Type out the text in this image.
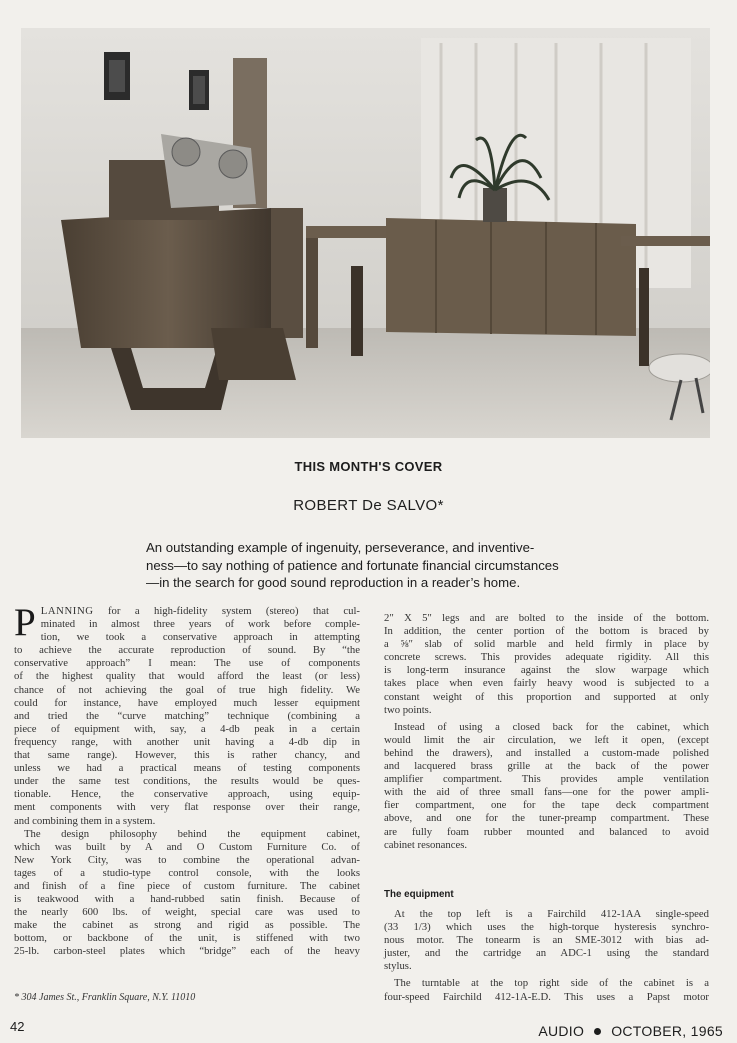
THIS MONTH'S COVER
ROBERT De SALVO*
An outstanding example of ingenuity, perseverance, and inventive-
ness—to say nothing of patience and fortunate financial circumstances
—in the search for good sound reproduction in a reader’s home.
P LANNING for a high-fidelity system (stereo) that cul-
minated in almost three years of work before comple-
tion, we took a conservative approach in attempting
to achieve the accurate reproduction of sound. By “the
conservative approach” I mean: The use of components
of the highest quality that would afford the least (or less)
chance of not achieving the goal of true high fidelity. We
could for instance, have employed much lesser equipment
and tried the “curve matching” technique (combining a
piece of equipment with, say, a 4-db peak in a certain
frequency range, with another unit having a 4-db dip in
that same range). However, this is rather chancy, and
unless we had a practical means of testing components
under the same test conditions, the results would be ques-
tionable. Hence, the conservative approach, using equip-
ment components with very flat response over their range,
and combining them in a system.
The design philosophy behind the equipment cabinet,
which was built by A and O Custom Furniture Co. of
New York City, was to combine the operational advan-
tages of a studio-type control console, with the looks
and finish of a fine piece of custom furniture. The cabinet
is teakwood with a hand-rubbed satin finish. Because of
the nearly 600 lbs. of weight, special care was used to
make the cabinet as strong and rigid as possible. The
bottom, or backbone of the unit, is stiffened with two
25-lb. carbon-steel plates which “bridge” each of the heavy
* 304 James St., Franklin Square, N.Y. 11010
2″ X 5″ legs and are bolted to the inside of the bottom.
In addition, the center portion of the bottom is braced by
a ⅝″ slab of solid marble and held firmly in place by
concrete screws. This provides adequate rigidity. All this
is long-term insurance against the slow warpage which
takes place when even fairly heavy wood is subjected to a
constant weight of this proportion and supported at only
two points.
Instead of using a closed back for the cabinet, which
would limit the air circulation, we left it open, (except
behind the drawers), and installed a custom-made polished
and lacquered brass grille at the back of the power
amplifier compartment. This provides ample ventilation
with the aid of three small fans—one for the power ampli-
fier compartment, one for the tape deck compartment
above, and one for the tuner-preamp compartment. These
are fully foam rubber mounted and balanced to avoid
cabinet resonances.
The equipment
At the top left is a Fairchild 412-1AA single-speed
(33 1/3) which uses the high-torque hysteresis synchro-
nous motor. The tonearm is an SME-3012 with bias ad-
juster, and the cartridge an ADC-1 using the standard
stylus.
The turntable at the top right side of the cabinet is a
four-speed Fairchild 412-1A-E.D. This uses a Papst motor
42	AUDIO OCTOBER, 1965
